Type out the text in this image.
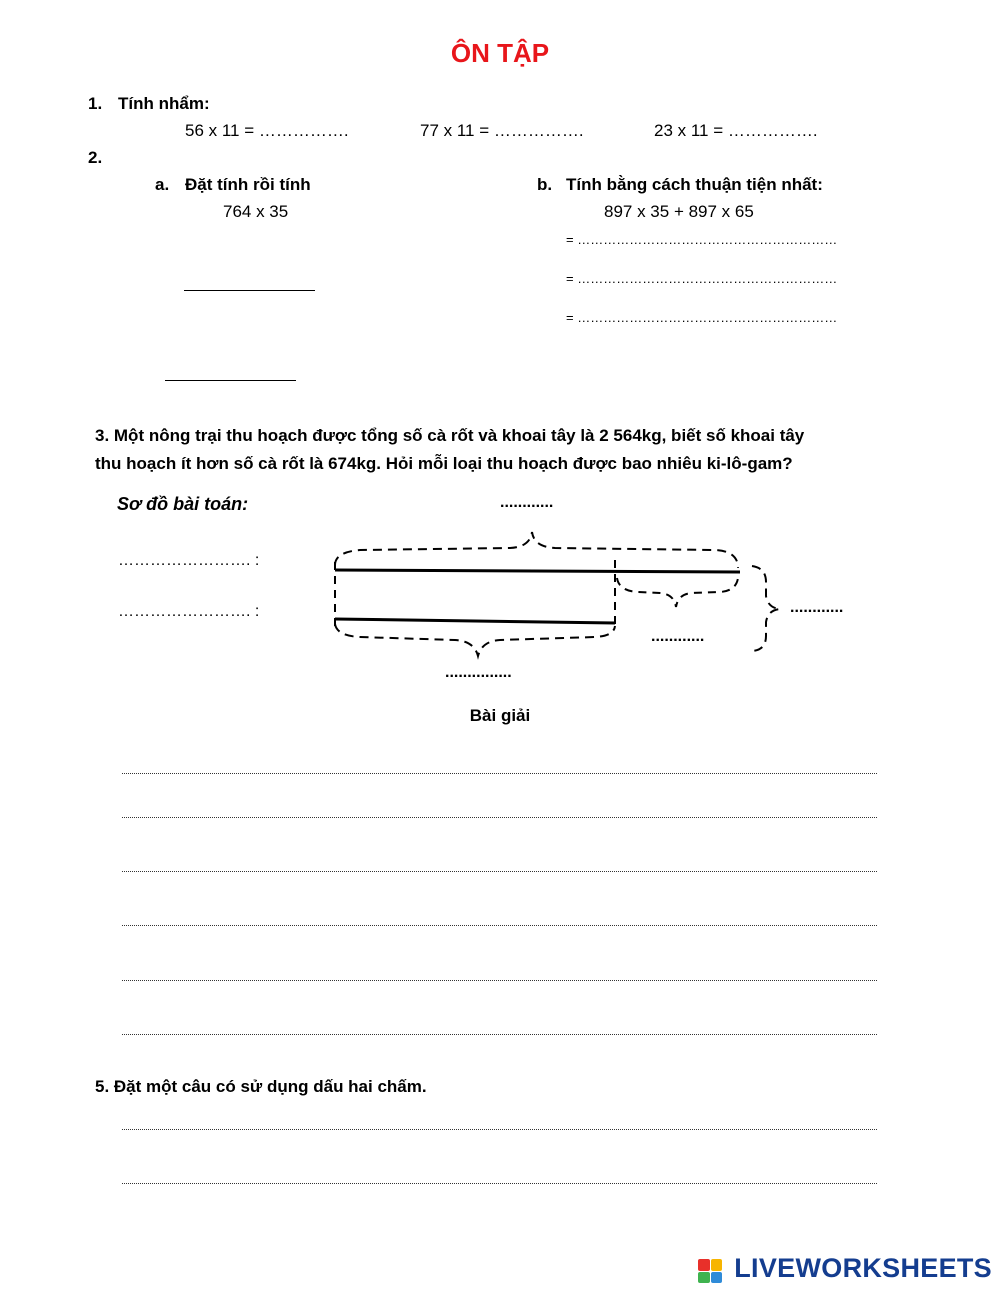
ÔN TẬP
1. Tính nhẩm:
56 x 11 = …………….	77 x 11 = …………….	23 x 11 = …………….
2.
a. Đặt tính rồi tính
764 x 35
b. Tính bằng cách thuận tiện nhất:
897 x 35 + 897 x 65
= ……………………………………………………
= ……………………………………………………
= ……………………………………………………
3. Một nông trại thu hoạch được tổng số cà rốt và khoai tây là 2 564kg, biết số khoai tây
thu hoạch ít hơn số cà rốt là 674kg. Hỏi mỗi loại thu hoạch được bao nhiêu ki-lô-gam?
Sơ đồ bài toán:	............
……………………. :
……………………. :	............
............
...............
Bài giải
5. Đặt một câu có sử dụng dấu hai chấm.
LIVEWORKSHEETS
